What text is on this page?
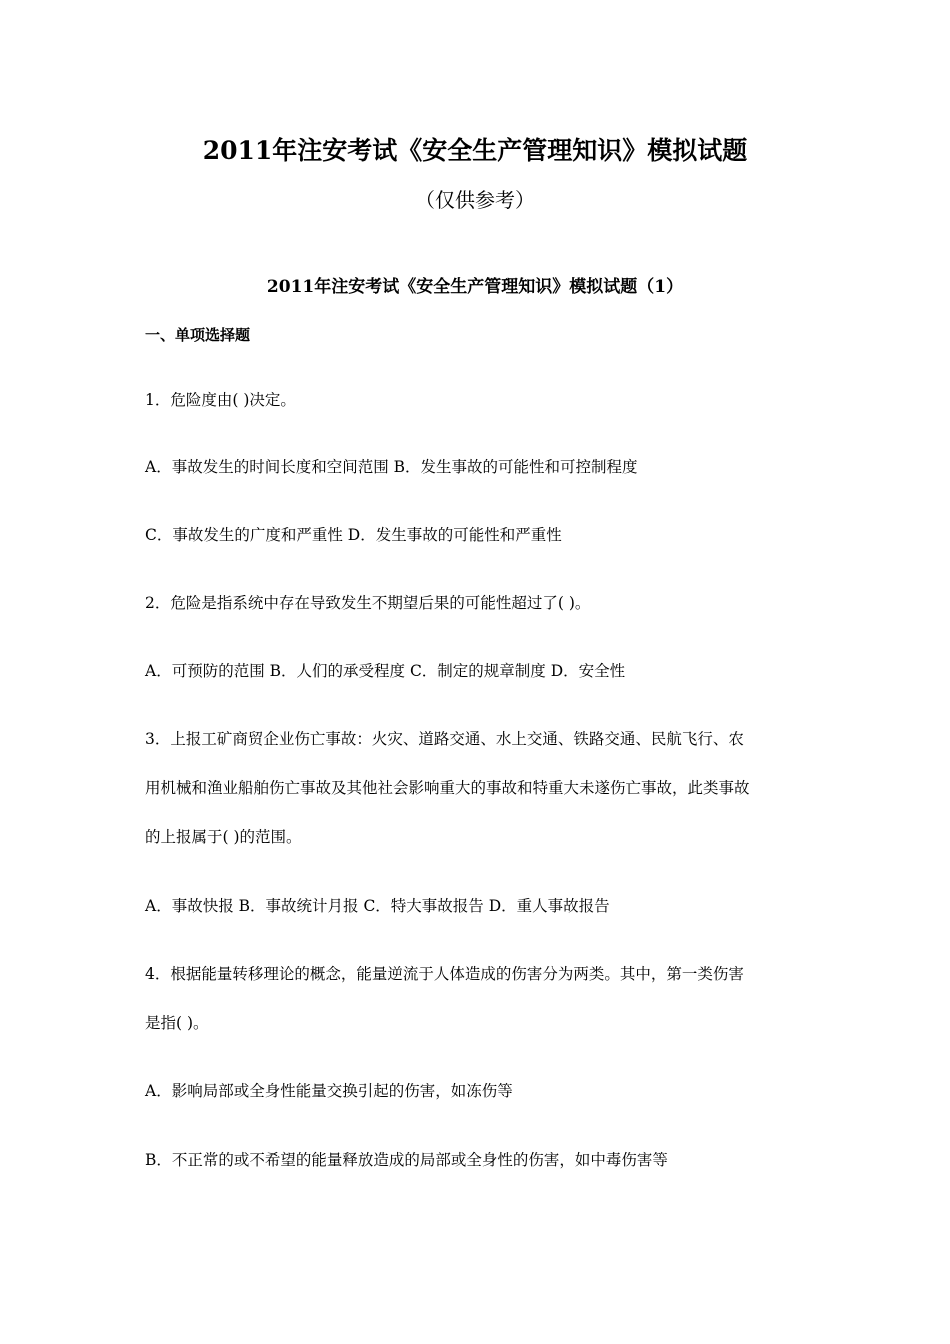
2011年注安考试《安全生产管理知识》模拟试题
（仅供参考）
2011年注安考试《安全生产管理知识》模拟试题（1）
一、单项选择题
1．危险度由( )决定。
A．事故发生的时间长度和空间范围 B．发生事故的可能性和可控制程度
C．事故发生的广度和严重性 D．发生事故的可能性和严重性
2．危险是指系统中存在导致发生不期望后果的可能性超过了( )。
A．可预防的范围 B．人们的承受程度 C．制定的规章制度 D．安全性
3．上报工矿商贸企业伤亡事故：火灾、道路交通、水上交通、铁路交通、民航飞行、农
用机械和渔业船舶伤亡事故及其他社会影响重大的事故和特重大未遂伤亡事故，此类事故
的上报属于( )的范围。
A．事故快报 B．事故统计月报 C．特大事故报告 D．重人事故报告
4．根据能量转移理论的概念，能量逆流于人体造成的伤害分为两类。其中，第一类伤害
是指( )。
A．影响局部或全身性能量交换引起的伤害，如冻伤等
B．不正常的或不希望的能量释放造成的局部或全身性的伤害，如中毒伤害等
